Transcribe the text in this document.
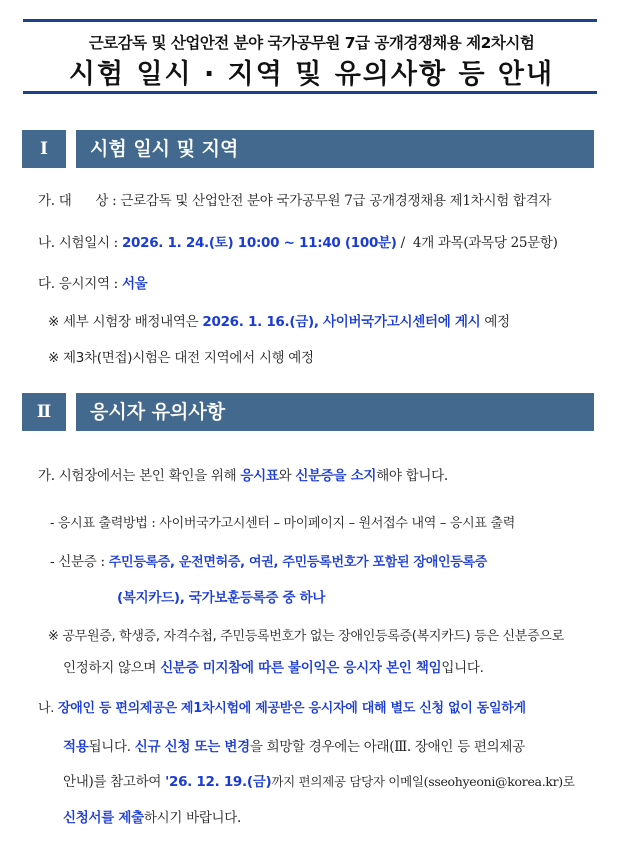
근로감독 및 산업안전 분야 국가공무원 7급 공개경쟁채용 제2차시험
시험 일시 · 지역 및 유의사항 등 안내
Ⅰ	시험 일시 및 지역
가. 대      상 : 근로감독 및 산업안전 분야 국가공무원 7급 공개경쟁채용 제1차시험 합격자
나. 시험일시 : 2026. 1. 24.(토) 10:00 ~ 11:40 (100분) /  4개 과목(과목당 25문항)
다. 응시지역 : 서울
※ 세부 시험장 배정내역은 2026. 1. 16.(금), 사이버국가고시센터에 게시 예정
※ 제3차(면접)시험은 대전 지역에서 시행 예정
Ⅱ	응시자 유의사항
가. 시험장에서는 본인 확인을 위해 응시표와 신분증을 소지해야 합니다.
- 응시표 출력방법 : 사이버국가고시센터 – 마이페이지 – 원서접수 내역 – 응시표 출력
- 신분증 : 주민등록증, 운전면허증, 여권, 주민등록번호가 포함된 장애인등록증
(복지카드), 국가보훈등록증 중 하나
※ 공무원증, 학생증, 자격수첩, 주민등록번호가 없는 장애인등록증(복지카드) 등은 신분증으로
인정하지 않으며 신분증 미지참에 따른 불이익은 응시자 본인 책임입니다.
나. 장애인 등 편의제공은 제1차시험에 제공받은 응시자에 대해 별도 신청 없이 동일하게
적용됩니다. 신규 신청 또는 변경을 희망할 경우에는 아래(Ⅲ. 장애인 등 편의제공
안내)를 참고하여 '26. 12. 19.(금)까지 편의제공 담당자 이메일(sseohyeoni@korea.kr)로
신청서를 제출하시기 바랍니다.
